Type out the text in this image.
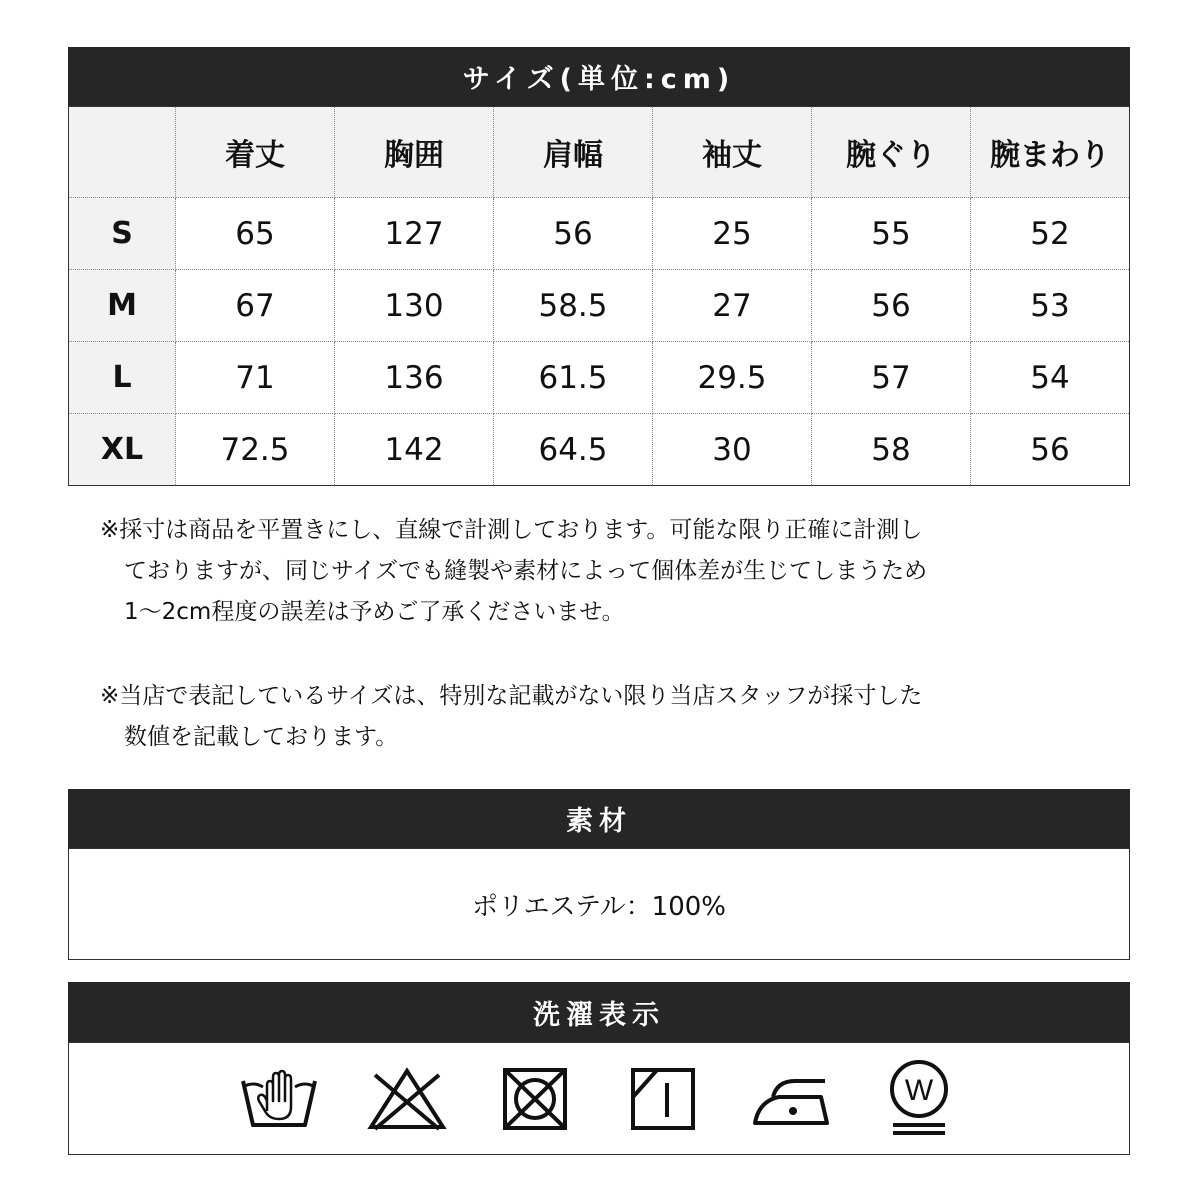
サイズ(単位:cm)
	着丈	胸囲	肩幅	袖丈	腕ぐり	腕まわり
S	65	127	56	25	55	52
M	67	130	58.5	27	56	53
L	71	136	61.5	29.5	57	54
XL	72.5	142	64.5	30	58	56
※採寸は商品を平置きにし、直線で計測しております。可能な限り正確に計測し
ておりますが、同じサイズでも縫製や素材によって個体差が生じてしまうため
1～2cm程度の誤差は予めご了承くださいませ。
※当店で表記しているサイズは、特別な記載がない限り当店スタッフが採寸した
数値を記載しております。
素材
ポリエステル：100%
洗濯表示
W
